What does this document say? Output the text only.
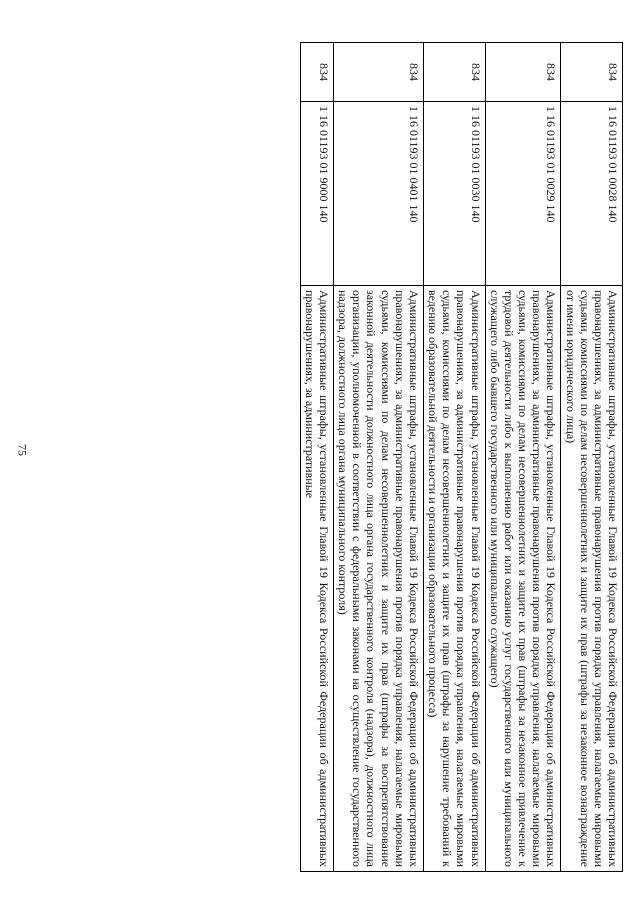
75
834	1 16 01193 01 0028 140	Административные штрафы, установленные Главой 19 Кодекса Российской Федерации об административных правонарушениях, за административные правонарушения против порядка управления, налагаемые мировыми судьями, комиссиями по делам несовершеннолетних и защите их прав (штрафы за незаконное вознаграждение от имени юридического лица)
834	1 16 01193 01 0029 140	Административные штрафы, установленные Главой 19 Кодекса Российской Федерации об административных правонарушениях, за административные правонарушения против порядка управления, налагаемые мировыми судьями, комиссиями по делам несовершеннолетних и защите их прав (штрафы за незаконное привлечение к трудовой деятельности либо к выполнению работ или оказанию услуг государственного или муниципального служащего либо бывшего государственного или муниципального служащего)
834	1 16 01193 01 0030 140	Административные штрафы, установленные Главой 19 Кодекса Российской Федерации об административных правонарушениях, за административные правонарушения против порядка управления, налагаемые мировыми судьями, комиссиями по делам несовершеннолетних и защите их прав (штрафы за нарушение требований к ведению образовательной деятельности и организации образовательного процесса)
834	1 16 01193 01 0401 140	Административные штрафы, установленные Главой 19 Кодекса Российской Федерации об административных правонарушениях, за административные правонарушения против порядка управления, налагаемые мировыми судьями, комиссиями по делам несовершеннолетних и защите их прав (штрафы за воспрепятствование законной деятельности должностного лица органа государственного контроля (надзора), должностного лица организации, уполномоченной в соответствии с федеральными законами на осуществление государственного надзора, должностного лица органа муниципального контроля)
834	1 16 01193 01 9000 140	Административные штрафы, установленные Главой 19 Кодекса Российской Федерации об административных правонарушениях, за административные
